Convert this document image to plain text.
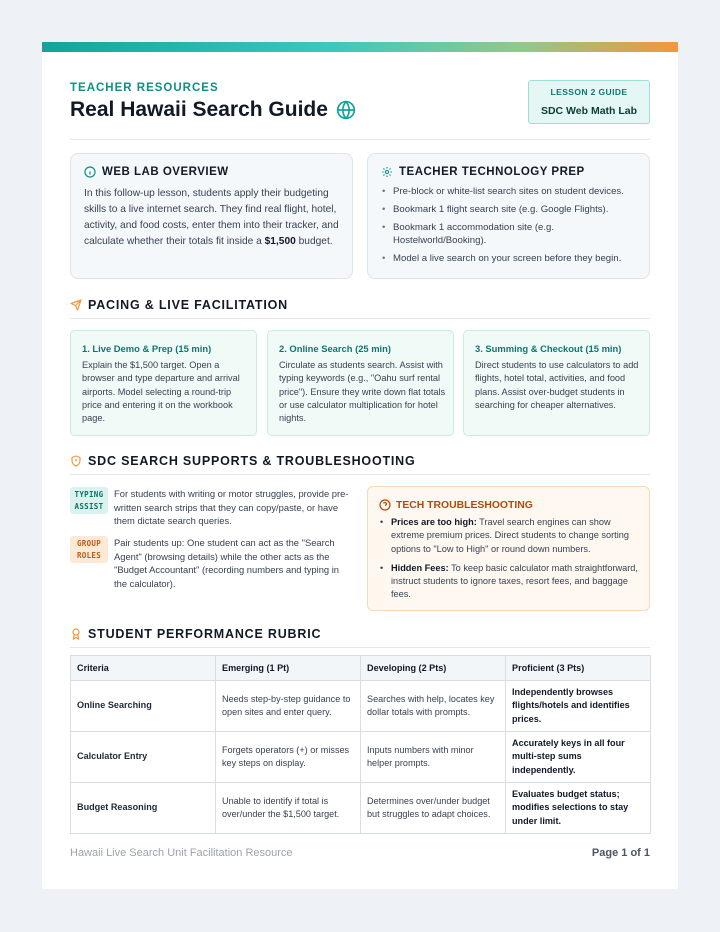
TEACHER RESOURCES
Real Hawaii Search Guide
LESSON 2 GUIDE
SDC Web Math Lab
WEB LAB OVERVIEW

In this follow-up lesson, students apply their budgeting skills to a live internet search. They find real flight, hotel, activity, and food costs, enter them into their tracker, and calculate whether their totals fit inside a $1,500 budget.

TEACHER TECHNOLOGY PREP
• Pre-block or white-list search sites on student devices.
• Bookmark 1 flight search site (e.g. Google Flights).
• Bookmark 1 accommodation site (e.g. Hostelworld/Booking).
• Model a live search on your screen before they begin.
PACING & LIVE FACILITATION
1. Live Demo & Prep (15 min)

Explain the $1,500 target. Open a browser and type departure and arrival airports. Model selecting a round-trip price and entering it on the workbook page.

2. Online Search (25 min)

Circulate as students search. Assist with typing keywords (e.g., "Oahu surf rental price"). Ensure they write down flat totals or use calculator multiplication for hotel nights.

3. Summing & Checkout (15 min)

Direct students to use calculators to add flights, hotel total, activities, and food plans. Assist over-budget students in searching for cheaper alternatives.

SDC SEARCH SUPPORTS & TROUBLESHOOTING
TYPING
ASSIST

For students with writing or motor struggles, provide pre-written search strips that they can copy/paste, or have them dictate search queries.

GROUP
ROLES

Pair students up: One student can act as the "Search Agent" (browsing details) while the other acts as the "Budget Accountant" (recording numbers and typing in the calculator).

TECH TROUBLESHOOTING
• Prices are too high: Travel search engines can show extreme premium prices. Direct students to change sorting options to "Low to High" or round down numbers.
• Hidden Fees: To keep basic calculator math straightforward, instruct students to ignore taxes, resort fees, and baggage fees.
STUDENT PERFORMANCE RUBRIC
Criteria	Emerging (1 Pt)	Developing (2 Pts)	Proficient (3 Pts)
Online Searching	Needs step-by-step guidance to open sites and enter query.	Searches with help, locates key dollar totals with prompts.	Independently browses flights/hotels and identifies prices.
Calculator Entry	Forgets operators (+) or misses key steps on display.	Inputs numbers with minor helper prompts.	Accurately keys in all four multi-step sums independently.
Budget Reasoning	Unable to identify if total is over/under the $1,500 target.	Determines over/under budget but struggles to adapt choices.	Evaluates budget status; modifies selections to stay under limit.
Hawaii Live Search Unit Facilitation Resource	Page 1 of 1
